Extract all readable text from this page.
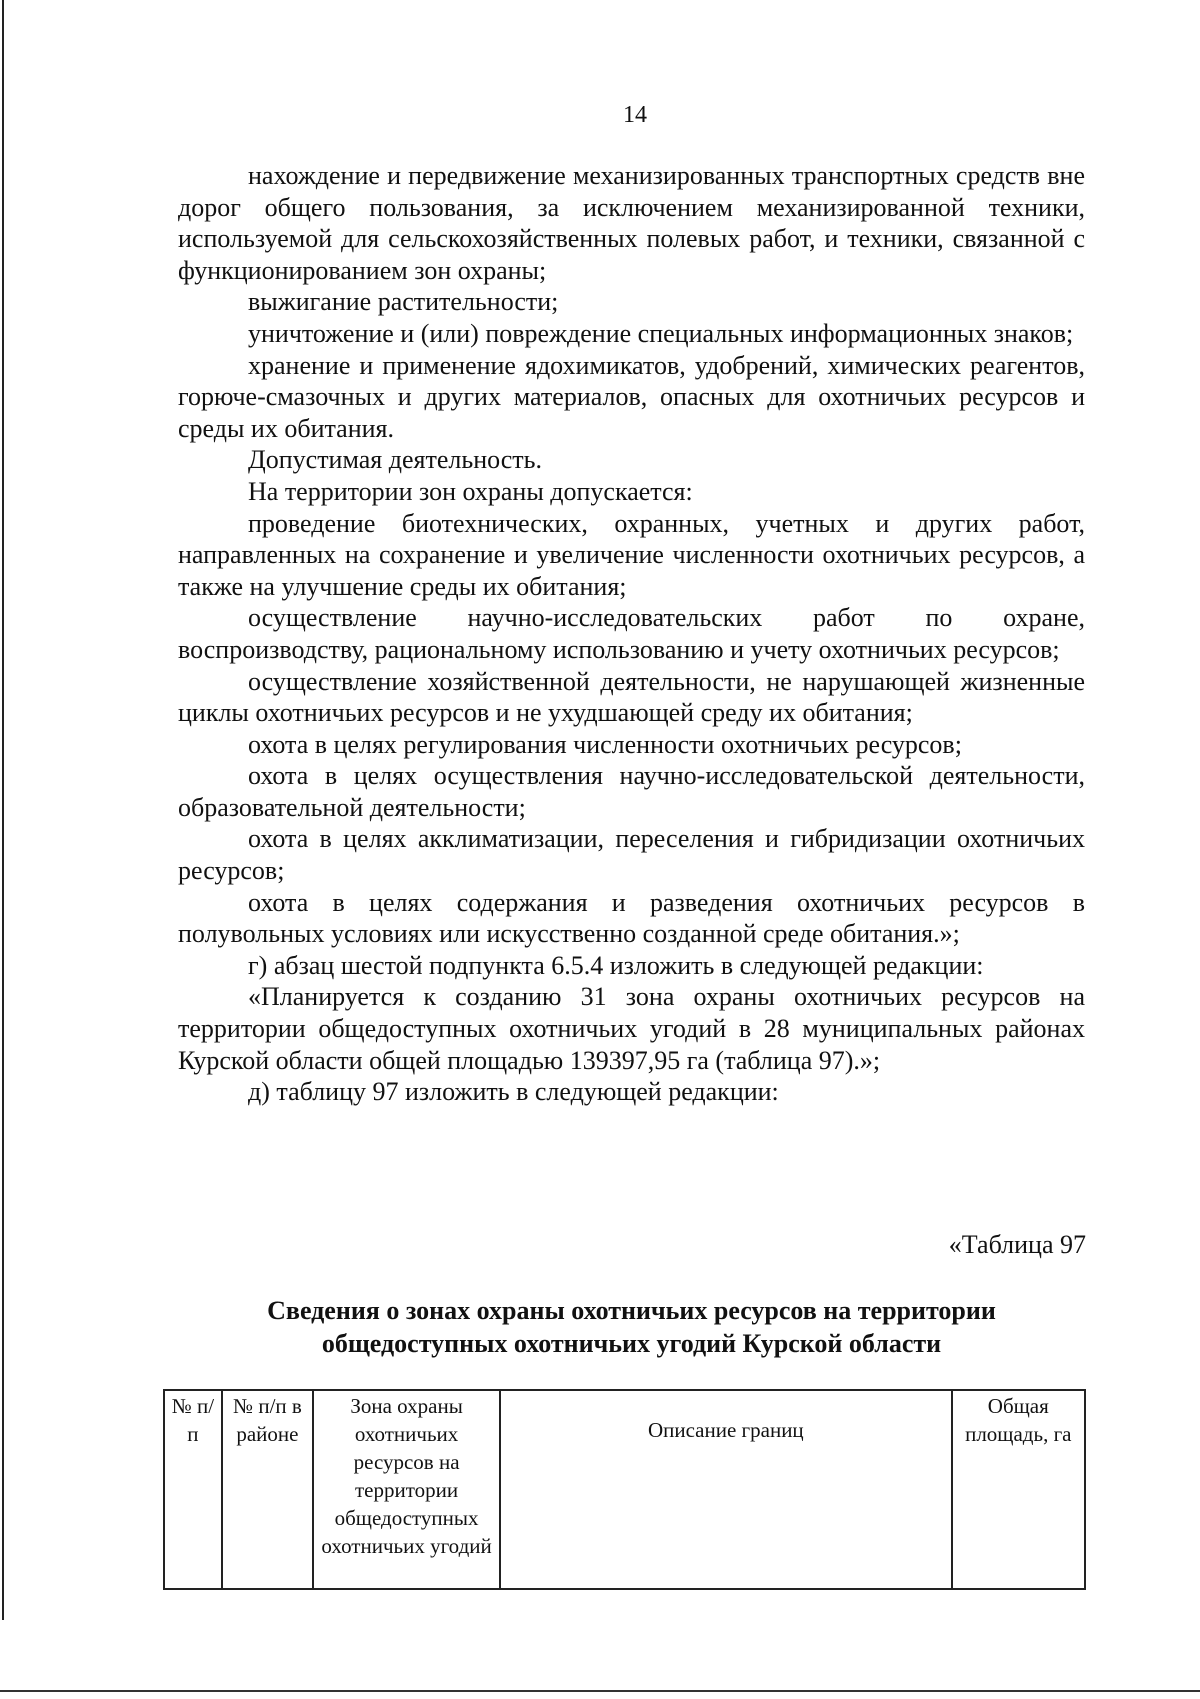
14

нахождение и передвижение механизированных транспортных средств вне дорог общего пользования, за исключением механизированной техники, используемой для сельскохозяйственных полевых работ, и техники, связанной с функционированием зон охраны;

выжигание растительности;

уничтожение и (или) повреждение специальных информационных знаков;

хранение и применение ядохимикатов, удобрений, химических реагентов, горюче-смазочных и других материалов, опасных для охотничьих ресурсов и среды их обитания.

Допустимая деятельность.

На территории зон охраны допускается:

проведение биотехнических, охранных, учетных и других работ, направленных на сохранение и увеличение численности охотничьих ресурсов, а также на улучшение среды их обитания;

осуществление научно-исследовательских работ по охране, воспроизводству, рациональному использованию и учету охотничьих ресурсов;

осуществление хозяйственной деятельности, не нарушающей жизненные циклы охотничьих ресурсов и не ухудшающей среду их обитания;

охота в целях регулирования численности охотничьих ресурсов;

охота в целях осуществления научно-исследовательской деятельности, образовательной деятельности;

охота в целях акклиматизации, переселения и гибридизации охотничьих ресурсов;

охота в целях содержания и разведения охотничьих ресурсов в полувольных условиях или искусственно созданной среде обитания.»;

г) абзац шестой подпункта 6.5.4 изложить в следующей редакции:

«Планируется к созданию 31 зона охраны охотничьих ресурсов на территории общедоступных охотничьих угодий в 28 муниципальных районах Курской области общей площадью 139397,95 га (таблица 97).»;

д) таблицу 97 изложить в следующей редакции:

«Таблица 97
Сведения о зонах охраны охотничьих ресурсов на территории
общедоступных охотничьих угодий Курской области
№ п/п	№ п/п в районе	Зона охраны охотничьих ресурсов на территории общедоступных охотничьих угодий	Описание границ	Общая площадь, га
